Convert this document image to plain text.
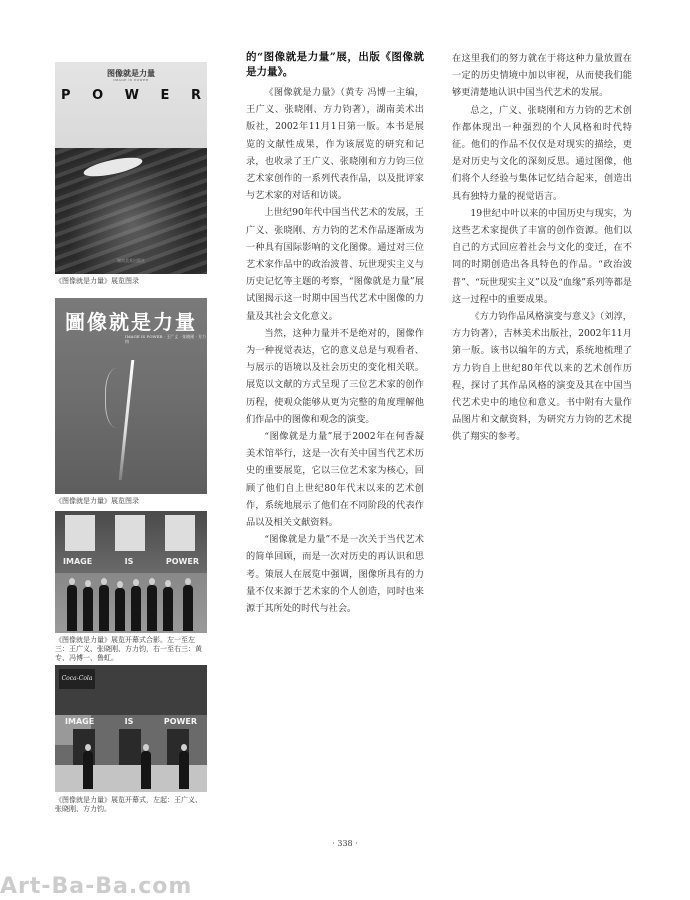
图像就是力量
IMAGE IS POWER
P O W E R
湖南美术出版社
《图像就是力量》展览图录
圖像就是力量
IMAGE IS POWER · 王广义 · 张晓刚 · 方力钧
《图像就是力量》展览图录
IMAGE	IS	POWER
《图像就是力量》展览开幕式合影。左一至左三：王广义、张晓刚、方力钧，右一至右三：黄专、冯博一、鲁虹。
Coca-Cola
IMAGE	IS	POWER
《图像就是力量》展览开幕式，左起：王广义、张晓刚、方力钧。

的“图像就是力量”展，出版《图像就是力量》。

《图像就是力量》（黄专 冯博一主编，王广义、张晓刚、方力钧著），湖南美术出版社，2002年11月1日第一版。本书是展览的文献性成果，作为该展览的研究和记录，也收录了王广义、张晓刚和方力钧三位艺术家创作的一系列代表作品，以及批评家与艺术家的对话和访谈。

上世纪90年代中国当代艺术的发展，王广义、张晓刚、方力钧的艺术作品逐渐成为一种具有国际影响的文化图像。通过对三位艺术家作品中的政治波普、玩世现实主义与历史记忆等主题的考察，“图像就是力量”展试图揭示这一时期中国当代艺术中图像的力量及其社会文化意义。

当然，这种力量并不是绝对的，图像作为一种视觉表达，它的意义总是与观看者、与展示的语境以及社会历史的变化相关联。展览以文献的方式呈现了三位艺术家的创作历程，使观众能够从更为完整的角度理解他们作品中的图像和观念的演变。

“图像就是力量”展于2002年在何香凝美术馆举行，这是一次有关中国当代艺术历史的重要展览，它以三位艺术家为核心，回顾了他们自上世纪80年代末以来的艺术创作，系统地展示了他们在不同阶段的代表作品以及相关文献资料。

“图像就是力量”不是一次关于当代艺术的简单回顾，而是一次对历史的再认识和思考。策展人在展览中强调，图像所具有的力量不仅来源于艺术家的个人创造，同时也来源于其所处的时代与社会。

在这里我们的努力就在于将这种力量放置在一定的历史情境中加以审视，从而使我们能够更清楚地认识中国当代艺术的发展。

总之，广义、张晓刚和方力钧的艺术创作都体现出一种强烈的个人风格和时代特征。他们的作品不仅仅是对现实的描绘，更是对历史与文化的深刻反思。通过图像，他们将个人经验与集体记忆结合起来，创造出具有独特力量的视觉语言。

19世纪中叶以来的中国历史与现实，为这些艺术家提供了丰富的创作资源。他们以自己的方式回应着社会与文化的变迁，在不同的时期创造出各具特色的作品。“政治波普”、“玩世现实主义”以及“血缘”系列等都是这一过程中的重要成果。

《方力钧作品风格演变与意义》（刘淳，方力钧著），吉林美术出版社，2002年11月第一版。该书以编年的方式，系统地梳理了方力钧自上世纪80年代以来的艺术创作历程，探讨了其作品风格的演变及其在中国当代艺术史中的地位和意义。书中附有大量作品图片和文献资料，为研究方力钧的艺术提供了翔实的参考。

· 338 ·
Art-Ba-Ba.com
